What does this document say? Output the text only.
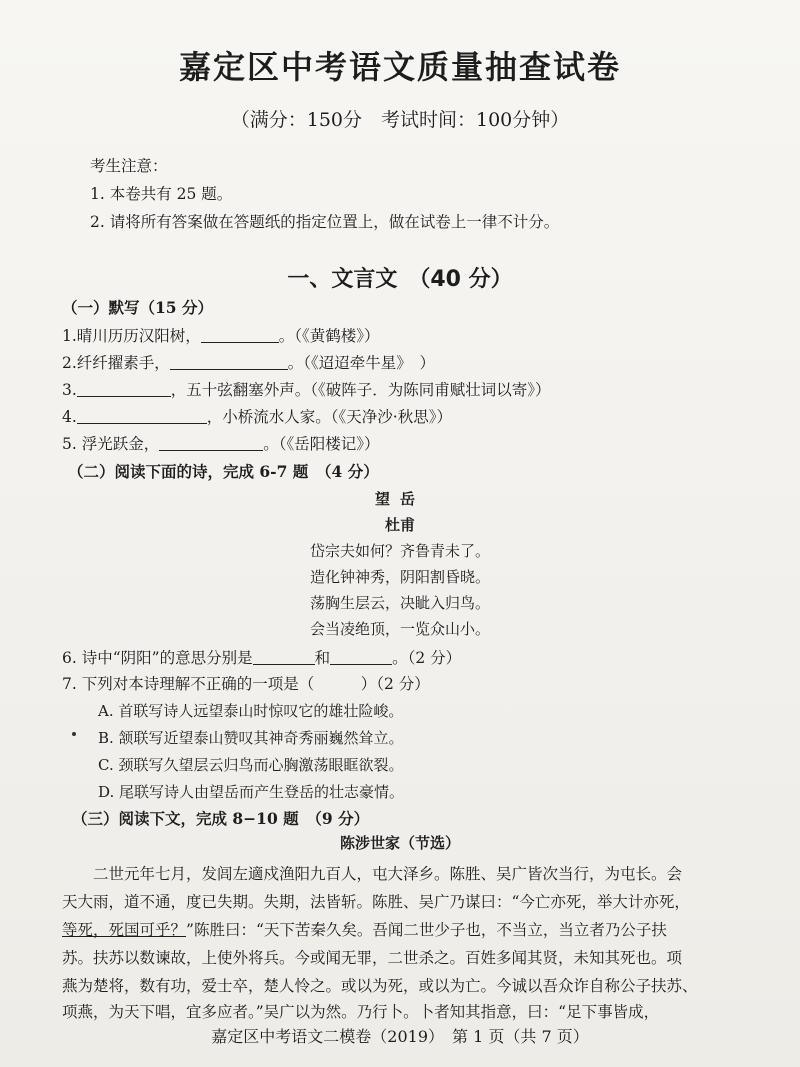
嘉定区中考语文质量抽查试卷
（满分：150分　考试时间：100分钟）
考生注意：
1. 本卷共有 25 题。
2. 请将所有答案做在答题纸的指定位置上，做在试卷上一律不计分。
一、文言文　（40 分）
（一）默写（15 分）
1.晴川历历汉阳树，	。（《黄鹤楼》）
2.纤纤擢素手，	。（《迢迢牵牛星》　）
3.	，五十弦翻塞外声。（《破阵子．为陈同甫赋壮词以寄》）
4.	，小桥流水人家。（《天净沙·秋思》）
5. 浮光跃金，	。（《岳阳楼记》）
（二）阅读下面的诗，完成 6-7 题　（4 分）
望岳
杜甫
岱宗夫如何？齐鲁青未了。
造化钟神秀，阴阳割昏晓。
荡胸生层云，决眦入归鸟。
会当凌绝顶，一览众山小。
6. 诗中“阴阳”的意思分别是	和	。（2 分）
7. 下列对本诗理解不正确的一项是（　　　）（2 分）
A. 首联写诗人远望泰山时惊叹它的雄壮险峻。
B. 颔联写近望泰山赞叹其神奇秀丽巍然耸立。
C. 颈联写久望层云归鸟而心胸激荡眼眶欲裂。
D. 尾联写诗人由望岳而产生登岳的壮志豪情。
（三）阅读下文，完成 8−10 题　（9 分）
陈涉世家（节选）
　　二世元年七月，发闾左適戍渔阳九百人，屯大泽乡。陈胜、吴广皆次当行，为屯长。会
天大雨，道不通，度已失期。失期，法皆斩。陈胜、吴广乃谋曰：“今亡亦死，举大计亦死，
等死，死国可乎？”陈胜曰：“天下苦秦久矣。吾闻二世少子也，不当立，当立者乃公子扶
苏。扶苏以数谏故，上使外将兵。今或闻无罪，二世杀之。百姓多闻其贤，未知其死也。项
燕为楚将，数有功，爱士卒，楚人怜之。或以为死，或以为亡。今诚以吾众诈自称公子扶苏、
项燕，为天下唱，宜多应者。”吴广以为然。乃行卜。卜者知其指意，曰：“足下事皆成，
嘉定区中考语文二模卷（2019）　第 1 页（共 7 页）
